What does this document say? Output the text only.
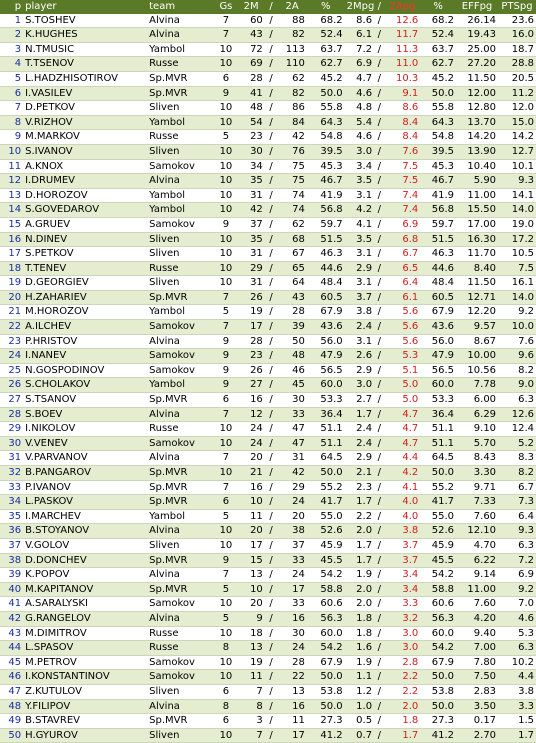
p	player	team	Gs	2M	/	2A	%	2Mpg	/	2Apg	%	EFFpg	PTSpg
1	S.TOSHEV	Alvina	7	60	/	88	68.2	8.6	/	12.6	68.2	26.14	23.6
2	K.HUGHES	Alvina	7	43	/	82	52.4	6.1	/	11.7	52.4	19.43	16.0
3	N.TMUSIC	Yambol	10	72	/	113	63.7	7.2	/	11.3	63.7	25.00	18.7
4	T.TSENOV	Russe	10	69	/	110	62.7	6.9	/	11.0	62.7	27.20	28.8
5	L.HADZHISOTIROV	Sp.MVR	6	28	/	62	45.2	4.7	/	10.3	45.2	11.50	20.5
6	I.VASILEV	Sp.MVR	9	41	/	82	50.0	4.6	/	9.1	50.0	12.00	11.2
7	D.PETKOV	Sliven	10	48	/	86	55.8	4.8	/	8.6	55.8	12.80	12.0
8	V.RIZHOV	Yambol	10	54	/	84	64.3	5.4	/	8.4	64.3	13.70	15.0
9	M.MARKOV	Russe	5	23	/	42	54.8	4.6	/	8.4	54.8	14.20	14.2
10	S.IVANOV	Sliven	10	30	/	76	39.5	3.0	/	7.6	39.5	13.90	12.7
11	A.KNOX	Samokov	10	34	/	75	45.3	3.4	/	7.5	45.3	10.40	10.1
12	I.DRUMEV	Alvina	10	35	/	75	46.7	3.5	/	7.5	46.7	5.90	9.3
13	D.HOROZOV	Yambol	10	31	/	74	41.9	3.1	/	7.4	41.9	11.00	14.1
14	S.GOVEDAROV	Yambol	10	42	/	74	56.8	4.2	/	7.4	56.8	15.50	14.0
15	A.GRUEV	Samokov	9	37	/	62	59.7	4.1	/	6.9	59.7	17.00	19.0
16	N.DINEV	Sliven	10	35	/	68	51.5	3.5	/	6.8	51.5	16.30	17.2
17	S.PETKOV	Sliven	10	31	/	67	46.3	3.1	/	6.7	46.3	11.70	10.5
18	T.TENEV	Russe	10	29	/	65	44.6	2.9	/	6.5	44.6	8.40	7.5
19	D.GEORGIEV	Sliven	10	31	/	64	48.4	3.1	/	6.4	48.4	11.50	16.1
20	H.ZAHARIEV	Sp.MVR	7	26	/	43	60.5	3.7	/	6.1	60.5	12.71	14.0
21	M.HOROZOV	Yambol	5	19	/	28	67.9	3.8	/	5.6	67.9	12.20	9.2
22	A.ILCHEV	Samokov	7	17	/	39	43.6	2.4	/	5.6	43.6	9.57	10.0
23	P.HRISTOV	Alvina	9	28	/	50	56.0	3.1	/	5.6	56.0	8.67	7.6
24	I.NANEV	Samokov	9	23	/	48	47.9	2.6	/	5.3	47.9	10.00	9.6
25	N.GOSPODINOV	Samokov	9	26	/	46	56.5	2.9	/	5.1	56.5	10.56	8.2
26	S.CHOLAKOV	Yambol	9	27	/	45	60.0	3.0	/	5.0	60.0	7.78	9.0
27	S.TSANOV	Sp.MVR	6	16	/	30	53.3	2.7	/	5.0	53.3	6.00	6.3
28	S.BOEV	Alvina	7	12	/	33	36.4	1.7	/	4.7	36.4	6.29	12.6
29	I.NIKOLOV	Russe	10	24	/	47	51.1	2.4	/	4.7	51.1	9.10	12.4
30	V.VENEV	Samokov	10	24	/	47	51.1	2.4	/	4.7	51.1	5.70	5.2
31	V.PARVANOV	Alvina	7	20	/	31	64.5	2.9	/	4.4	64.5	8.43	8.3
32	B.PANGAROV	Sp.MVR	10	21	/	42	50.0	2.1	/	4.2	50.0	3.30	8.2
33	P.IVANOV	Sp.MVR	7	16	/	29	55.2	2.3	/	4.1	55.2	9.71	6.7
34	L.PASKOV	Sp.MVR	6	10	/	24	41.7	1.7	/	4.0	41.7	7.33	7.3
35	I.MARCHEV	Yambol	5	11	/	20	55.0	2.2	/	4.0	55.0	7.60	6.4
36	B.STOYANOV	Alvina	10	20	/	38	52.6	2.0	/	3.8	52.6	12.10	9.3
37	V.GOLOV	Sliven	10	17	/	37	45.9	1.7	/	3.7	45.9	4.70	6.3
38	D.DONCHEV	Sp.MVR	9	15	/	33	45.5	1.7	/	3.7	45.5	6.22	7.2
39	K.POPOV	Alvina	7	13	/	24	54.2	1.9	/	3.4	54.2	9.14	6.9
40	M.KAPITANOV	Sp.MVR	5	10	/	17	58.8	2.0	/	3.4	58.8	11.00	9.2
41	A.SARALYSKI	Samokov	10	20	/	33	60.6	2.0	/	3.3	60.6	7.60	7.0
42	G.RANGELOV	Alvina	5	9	/	16	56.3	1.8	/	3.2	56.3	4.20	4.6
43	M.DIMITROV	Russe	10	18	/	30	60.0	1.8	/	3.0	60.0	9.40	5.3
44	L.SPASOV	Russe	8	13	/	24	54.2	1.6	/	3.0	54.2	7.00	6.3
45	M.PETROV	Samokov	10	19	/	28	67.9	1.9	/	2.8	67.9	7.80	10.2
46	I.KONSTANTINOV	Samokov	10	11	/	22	50.0	1.1	/	2.2	50.0	7.50	4.4
47	Z.KUTULOV	Sliven	6	7	/	13	53.8	1.2	/	2.2	53.8	2.83	3.8
48	Y.FILIPOV	Alvina	8	8	/	16	50.0	1.0	/	2.0	50.0	3.50	3.3
49	B.STAVREV	Sp.MVR	6	3	/	11	27.3	0.5	/	1.8	27.3	0.17	1.5
50	H.GYUROV	Sliven	10	7	/	17	41.2	0.7	/	1.7	41.2	2.70	1.7
